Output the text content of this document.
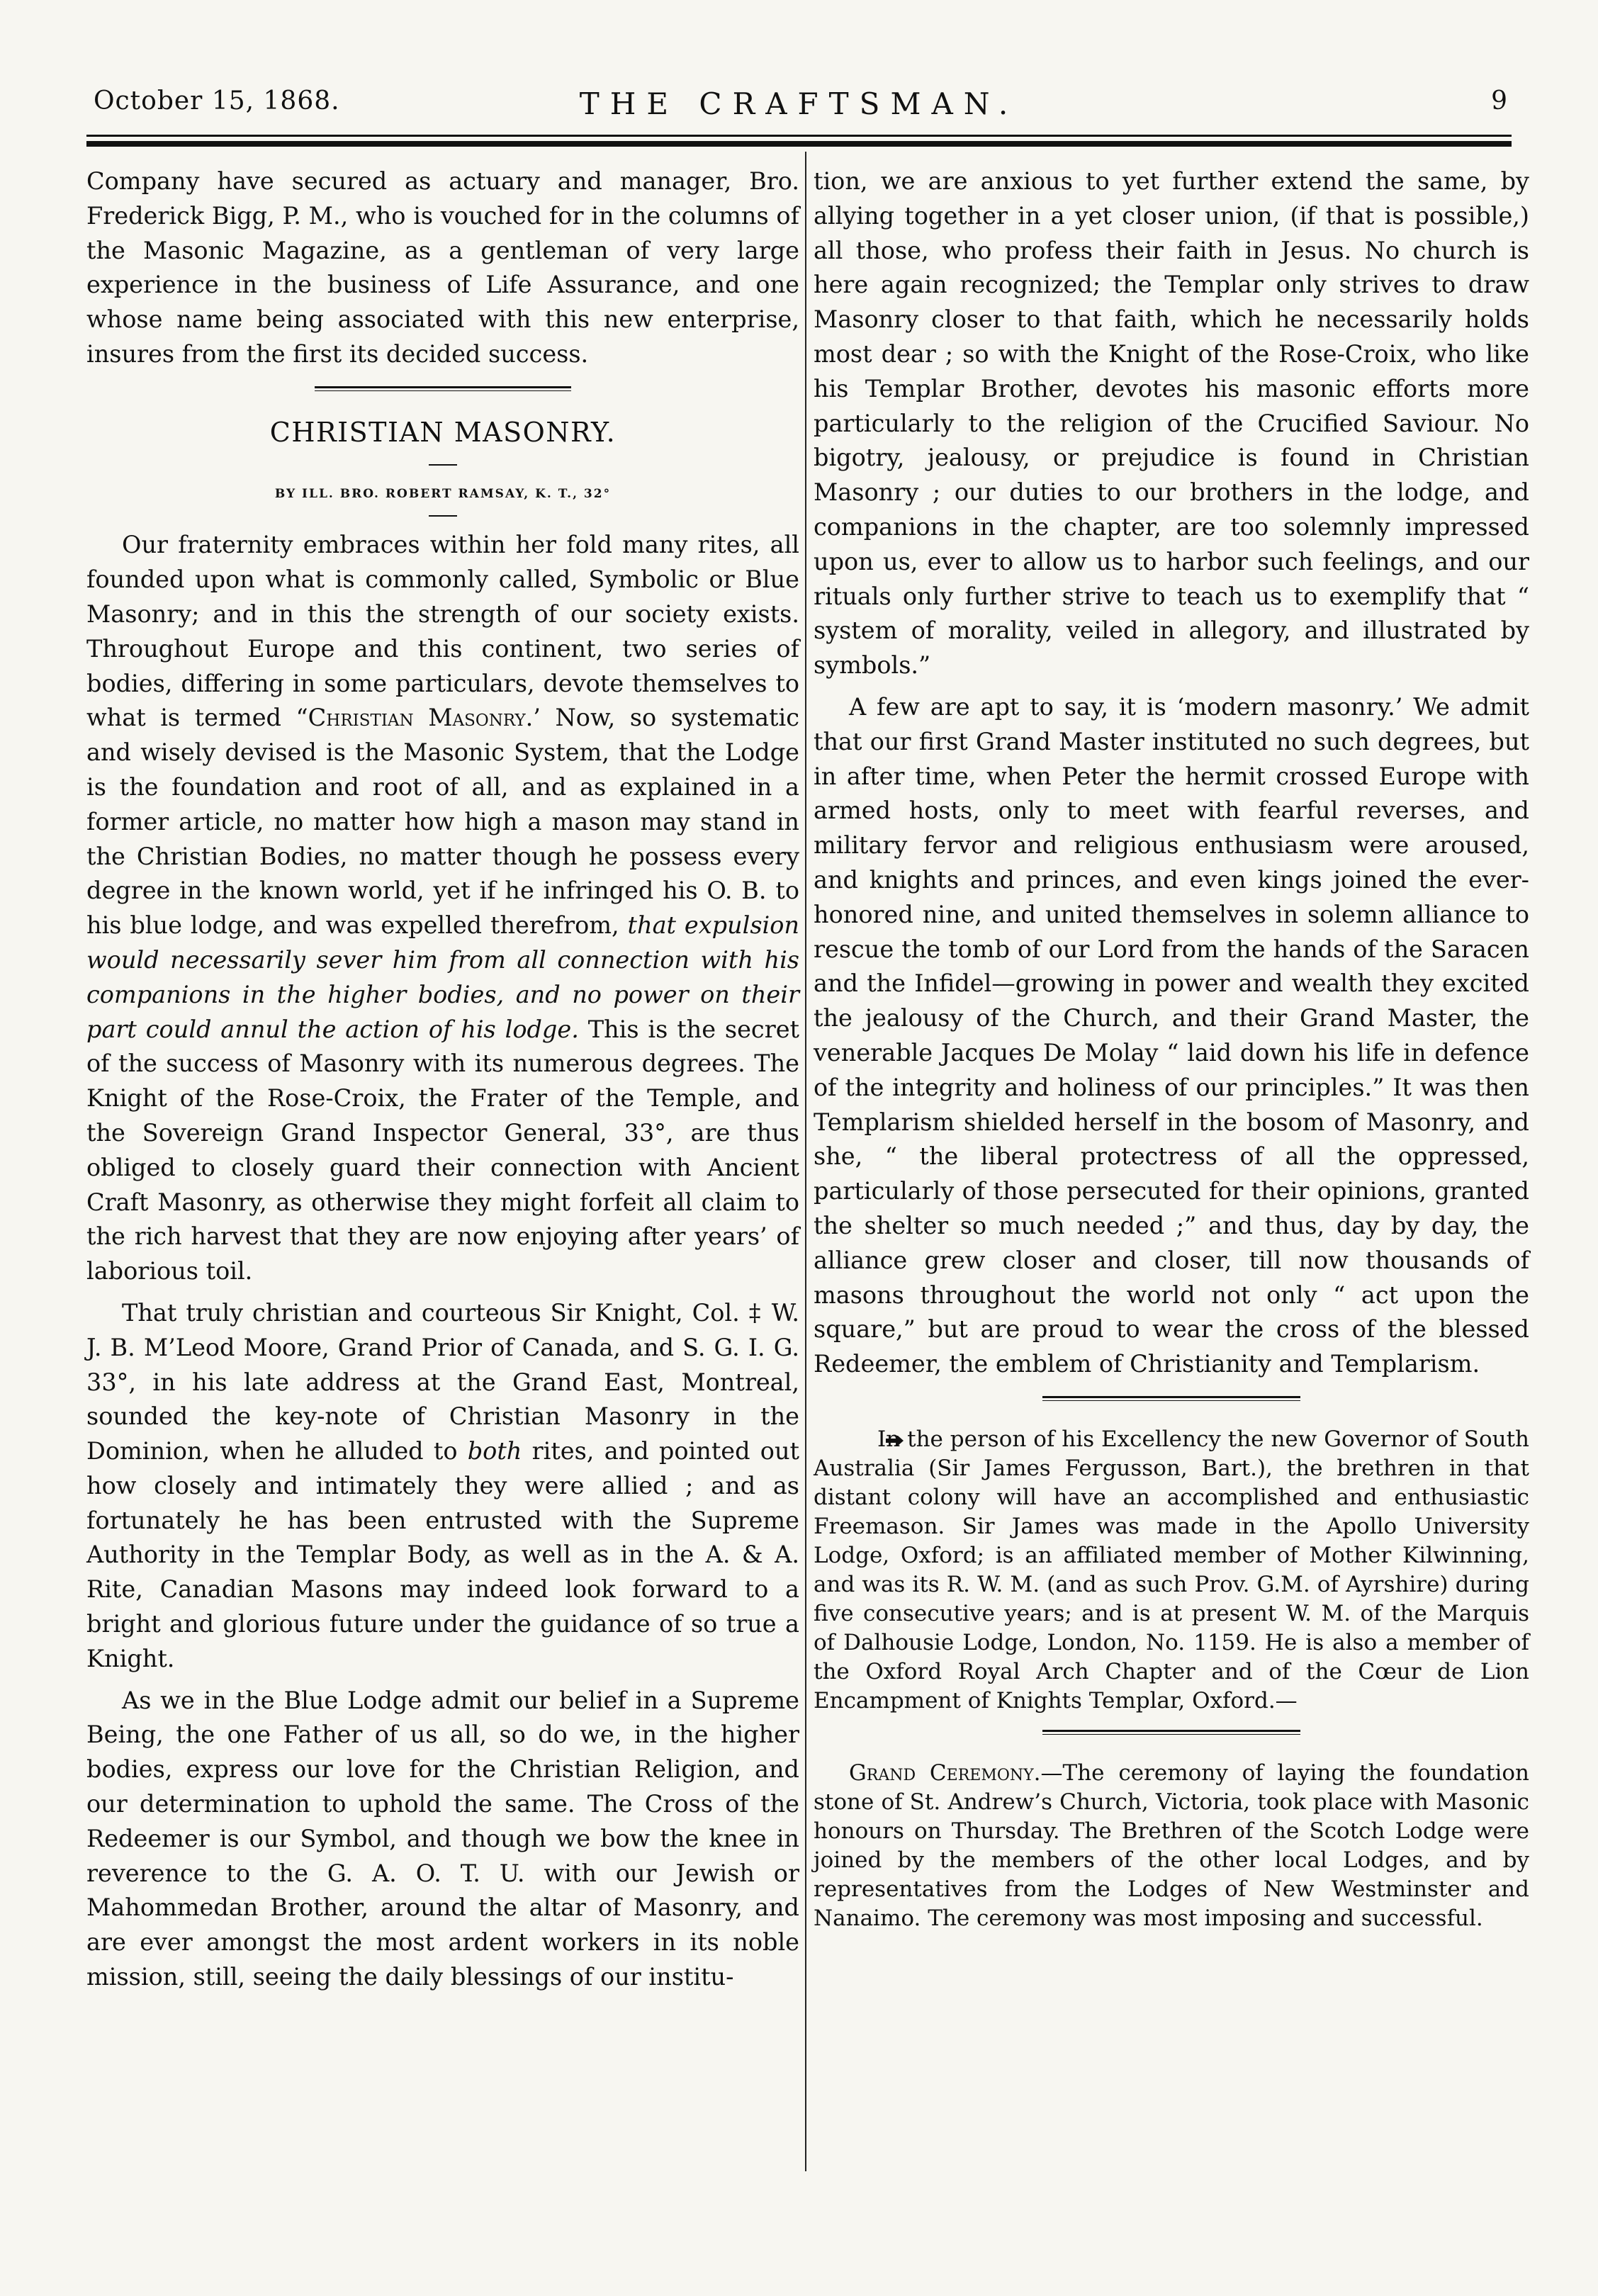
October 15, 1868.	THE CRAFTSMAN.	9

Company have secured as actuary and manager, Bro. Frederick Bigg, P. M., who is vouched for in the columns of the Masonic Magazine, as a gentleman of very large experience in the business of Life Assurance, and one whose name being associated with this new enterprise, insures from the first its decided success.

CHRISTIAN MASONRY.
BY ILL. BRO. ROBERT RAMSAY, K. T., 32°

Our fraternity embraces within her fold many rites, all founded upon what is commonly called, Symbolic or Blue Masonry; and in this the strength of our society exists. Throughout Europe and this continent, two series of bodies, differing in some particulars, devote themselves to what is termed “Christian Masonry.’ Now, so systematic and wisely devised is the Masonic System, that the Lodge is the foundation and root of all, and as explained in a former article, no matter how high a mason may stand in the Christian Bodies, no matter though he possess every degree in the known world, yet if he infringed his O. B. to his blue lodge, and was expelled therefrom, that expulsion would necessarily sever him from all connection with his companions in the higher bodies, and no power on their part could annul the action of his lodge. This is the secret of the success of Masonry with its numerous degrees. The Knight of the Rose-Croix, the Frater of the Temple, and the Sovereign Grand Inspector General, 33°, are thus obliged to closely guard their connection with Ancient Craft Masonry, as otherwise they might forfeit all claim to the rich harvest that they are now enjoying after years’ of laborious toil.

That truly christian and courteous Sir Knight, Col. ‡ W. J. B. M’Leod Moore, Grand Prior of Canada, and S. G. I. G. 33°, in his late address at the Grand East, Montreal, sounded the key-note of Christian Masonry in the Dominion, when he alluded to both rites, and pointed out how closely and intimately they were allied ; and as fortunately he has been entrusted with the Supreme Authority in the Templar Body, as well as in the A. & A. Rite, Canadian Masons may indeed look forward to a bright and glorious future under the guidance of so true a Knight.

As we in the Blue Lodge admit our belief in a Supreme Being, the one Father of us all, so do we, in the higher bodies, express our love for the Christian Religion, and our determination to uphold the same. The Cross of the Redeemer is our Symbol, and though we bow the knee in reverence to the G. A. O. T. U. with our Jewish or Mahommedan Brother, around the altar of Masonry, and are ever amongst the most ardent workers in its noble mission, still, seeing the daily blessings of our institu-

tion, we are anxious to yet further extend the same, by allying together in a yet closer union, (if that is possible,) all those, who profess their faith in Jesus. No church is here again recognized; the Templar only strives to draw Masonry closer to that faith, which he necessarily holds most dear ; so with the Knight of the Rose-Croix, who like his Templar Brother, devotes his masonic efforts more particularly to the religion of the Crucified Saviour. No bigotry, jealousy, or prejudice is found in Christian Masonry ; our duties to our brothers in the lodge, and companions in the chapter, are too solemnly impressed upon us, ever to allow us to harbor such feelings, and our rituals only further strive to teach us to exemplify that “ system of morality, veiled in allegory, and illustrated by symbols.”

A few are apt to say, it is ‘modern masonry.’ We admit that our first Grand Master instituted no such degrees, but in after time, when Peter the hermit crossed Europe with armed hosts, only to meet with fearful reverses, and military fervor and religious enthusiasm were aroused, and knights and princes, and even kings joined the ever-honored nine, and united themselves in solemn alliance to rescue the tomb of our Lord from the hands of the Saracen and the Infidel—growing in power and wealth they excited the jealousy of the Church, and their Grand Master, the venerable Jacques De Molay “ laid down his life in defence of the integrity and holiness of our principles.” It was then Templarism shielded herself in the bosom of Masonry, and she, “ the liberal protectress of all the oppressed, particularly of those persecuted for their opinions, granted the shelter so much needed ;” and thus, day by day, the alliance grew closer and closer, till now thousands of masons throughout the world not only “ act upon the square,” but are proud to wear the cross of the blessed Redeemer, the emblem of Christianity and Templarism.

In the person of his Excellency the new Governor of South Australia (Sir James Fergusson, Bart.), the brethren in that distant colony will have an accomplished and enthusiastic Freemason. Sir James was made in the Apollo University Lodge, Oxford; is an affiliated member of Mother Kilwinning, and was its R. W. M. (and as such Prov. G.M. of Ayrshire) during five consecutive years; and is at present W. M. of the Marquis of Dalhousie Lodge, London, No. 1159. He is also a member of the Oxford Royal Arch Chapter and of the Cœur de Lion Encampment of Knights Templar, Oxford.—

Grand Ceremony.—The ceremony of laying the foundation stone of St. Andrew’s Church, Victoria, took place with Masonic honours on Thursday. The Brethren of the Scotch Lodge were joined by the members of the other local Lodges, and by representatives from the Lodges of New Westminster and Nanaimo. The ceremony was most imposing and successful.
